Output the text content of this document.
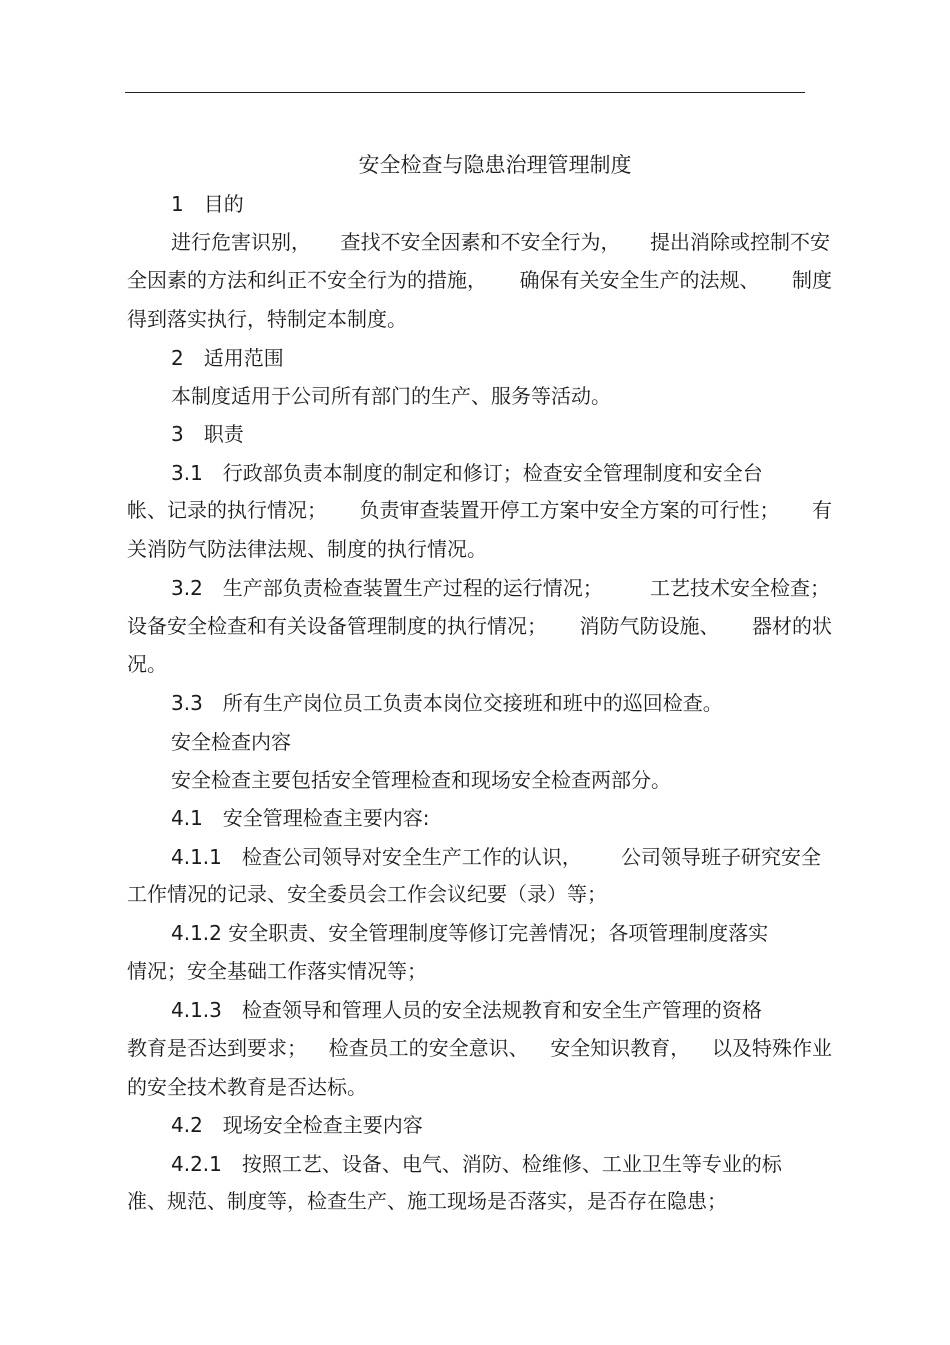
安全检查与隐患治理管理制度
1　目的
进行危害识别， 查找不安全因素和不安全行为， 提出消除或控制不安
全因素的方法和纠正不安全行为的措施， 确保有关安全生产的法规、 制度
得到落实执行，特制定本制度。
2　适用范围
本制度适用于公司所有部门的生产、服务等活动。
3　职责
3.1　行政部负责本制度的制定和修订；检查安全管理制度和安全台
帐、记录的执行情况； 负责审查装置开停工方案中安全方案的可行性； 有
关消防气防法律法规、制度的执行情况。
3.2　生产部负责检查装置生产过程的运行情况； 工艺技术安全检查；
设备安全检查和有关设备管理制度的执行情况； 消防气防设施、 器材的状
况。
3.3　所有生产岗位员工负责本岗位交接班和班中的巡回检查。
安全检查内容
安全检查主要包括安全管理检查和现场安全检查两部分。
4.1　安全管理检查主要内容:
4.1.1　检查公司领导对安全生产工作的认识， 公司领导班子研究安全
工作情况的记录、安全委员会工作会议纪要（录）等；
4.1.2 安全职责、安全管理制度等修订完善情况；各项管理制度落实
情况；安全基础工作落实情况等；
4.1.3　检查领导和管理人员的安全法规教育和安全生产管理的资格
教育是否达到要求； 检查员工的安全意识、 安全知识教育， 以及特殊作业
的安全技术教育是否达标。
4.2　现场安全检查主要内容
4.2.1　按照工艺、设备、电气、消防、检维修、工业卫生等专业的标
准、规范、制度等，检查生产、施工现场是否落实，是否存在隐患；
